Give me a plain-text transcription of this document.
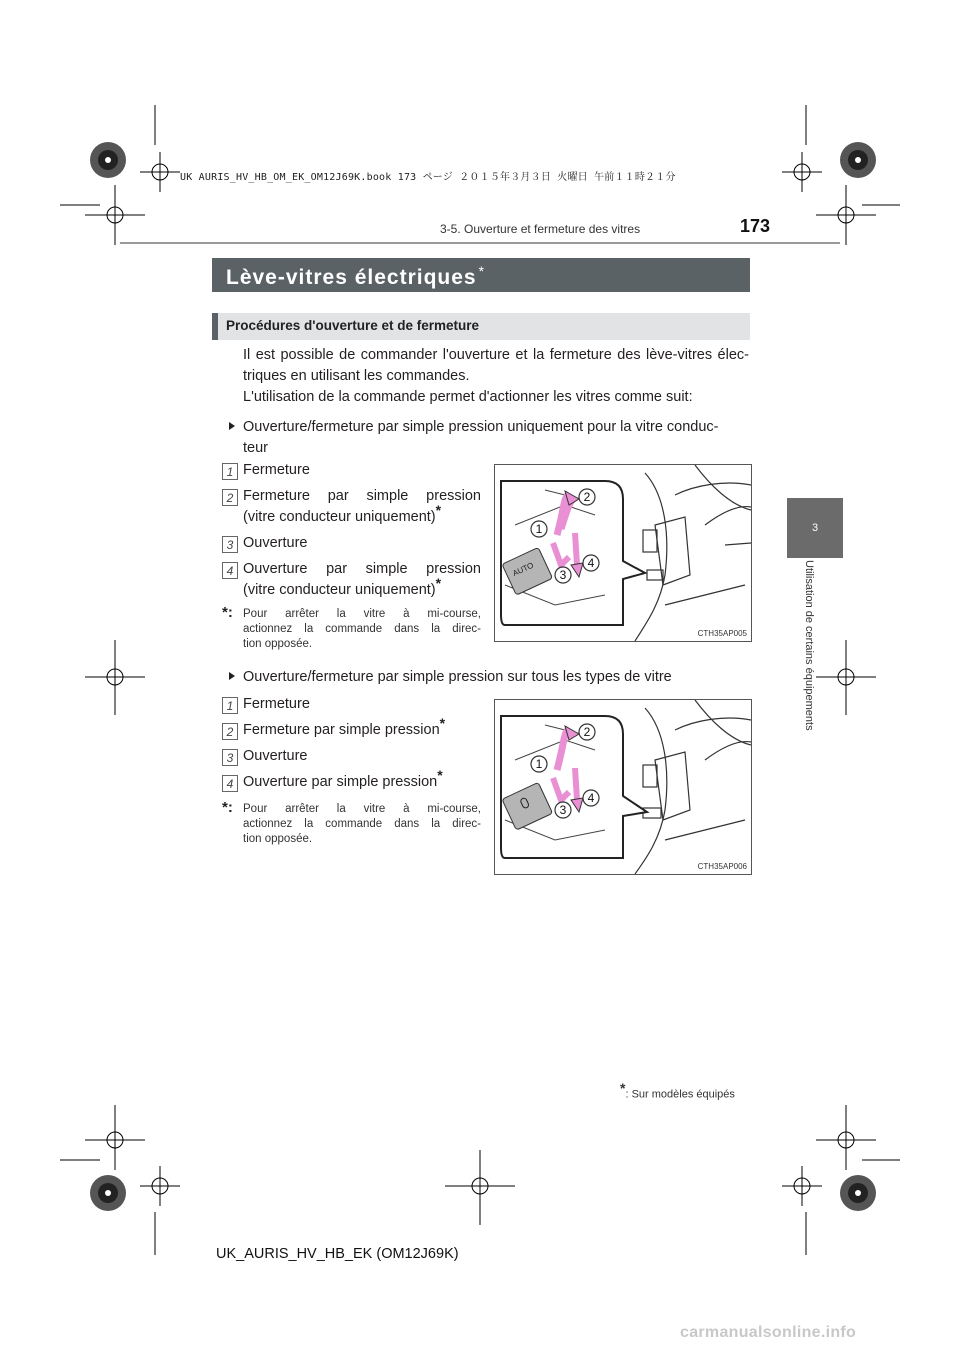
UK AURIS_HV_HB_OM_EK_OM12J69K.book 173 ページ ２０１５年３月３日 火曜日 午前１１時２１分
3-5. Ouverture et fermeture des vitres	173
3
Utilisation de certains équipements
Lève-vitres électriques *
Procédures d'ouverture et de fermeture
Il est possible de commander l'ouverture et la fermeture des lève-vitres élec-
triques en utilisant les commandes.
L'utilisation de la commande permet d'actionner les vitres comme suit:
Ouverture/fermeture par simple pression uniquement pour la vitre conduc-
teur
1 Fermeture
2 Fermeture par simple pression
(vitre conducteur uniquement)*
3 Ouverture
4 Ouverture par simple pression
(vitre conducteur uniquement)*
*: Pour arrêter la vitre à mi-course,
actionnez la commande dans la direc-
tion opposée.
AUTO
1
2
3
4
CTH35AP005
Ouverture/fermeture par simple pression sur tous les types de vitre
1 Fermeture
2 Fermeture par simple pression*
3 Ouverture
4 Ouverture par simple pression*
*: Pour arrêter la vitre à mi-course,
actionnez la commande dans la direc-
tion opposée.
1
2
3
4
CTH35AP006
*: Sur modèles équipés
UK_AURIS_HV_HB_EK (OM12J69K)
carmanualsonline.info
